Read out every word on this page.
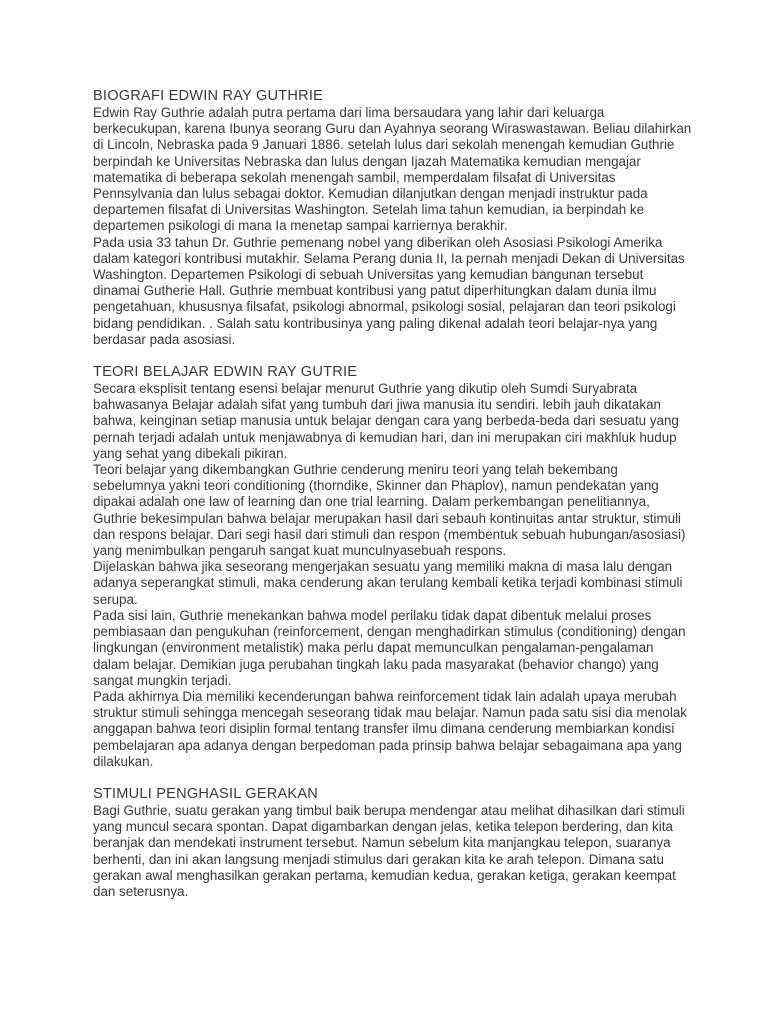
BIOGRAFI EDWIN RAY GUTHRIE

Edwin Ray Guthrie adalah putra pertama dari lima bersaudara yang lahir dari keluarga berkecukupan, karena Ibunya seorang Guru dan Ayahnya seorang Wiraswastawan. Beliau dilahirkan di Lincoln, Nebraska pada 9 Januari 1886. setelah lulus dari sekolah menengah kemudian Guthrie berpindah ke Universitas Nebraska dan lulus dengan Ijazah Matematika kemudian mengajar matematika di beberapa sekolah menengah sambil, memperdalam filsafat di Universitas Pennsylvania dan lulus sebagai doktor. Kemudian dilanjutkan dengan menjadi instruktur pada departemen filsafat di Universitas Washington. Setelah lima tahun kemudian, ia berpindah ke departemen psikologi di mana Ia menetap sampai karriernya berakhir.

Pada usia 33 tahun Dr. Guthrie pemenang nobel yang diberikan oleh Asosiasi Psikologi Amerika dalam kategori kontribusi mutakhir. Selama Perang dunia II, Ia pernah menjadi Dekan di Universitas Washington. Departemen Psikologi di sebuah Universitas yang kemudian bangunan tersebut dinamai Gutherie Hall. Guthrie membuat kontribusi yang patut diperhitungkan dalam dunia ilmu pengetahuan, khususnya filsafat, psikologi abnormal, psikologi sosial, pelajaran dan teori psikologi bidang pendidikan. . Salah satu kontribusinya yang paling dikenal adalah teori belajar-nya yang berdasar pada asosiasi.

TEORI BELAJAR EDWIN RAY GUTRIE

Secara eksplisit tentang esensi belajar menurut Guthrie yang dikutip oleh Sumdi Suryabrata bahwasanya Belajar adalah sifat yang tumbuh dari jiwa manusia itu sendiri. lebih jauh dikatakan bahwa, keinginan setiap manusia untuk belajar dengan cara yang berbeda-beda dari sesuatu yang pernah terjadi adalah untuk menjawabnya di kemudian hari, dan ini merupakan ciri makhluk hudup yang sehat yang dibekali pikiran.

Teori belajar yang dikembangkan Guthrie cenderung meniru teori yang telah bekembang sebelumnya yakni teori conditioning (thorndike, Skinner dan Phaplov), namun pendekatan yang dipakai adalah one law of learning dan one trial learning. Dalam perkembangan penelitiannya, Guthrie bekesimpulan bahwa belajar merupakan hasil dari sebauh kontinuitas antar struktur, stimuli dan respons belajar. Dari segi hasil dari stimuli dan respon (membentuk sebuah hubungan/asosiasi) yang menimbulkan pengaruh sangat kuat munculnyasebuah respons.

Dijelaskan bahwa jika seseorang mengerjakan sesuatu yang memiliki makna di masa lalu dengan adanya seperangkat stimuli, maka cenderung akan terulang kembali ketika terjadi kombinasi stimuli serupa.

Pada sisi lain, Guthrie menekankan bahwa model perilaku tidak dapat dibentuk melalui proses pembiasaan dan pengukuhan (reinforcement, dengan menghadirkan stimulus (conditioning) dengan lingkungan (environment metalistik) maka perlu dapat memunculkan pengalaman-pengalaman dalam belajar. Demikian juga perubahan tingkah laku pada masyarakat (behavior chango) yang sangat mungkin terjadi.

Pada akhirnya Dia memiliki kecenderungan bahwa reinforcement tidak lain adalah upaya merubah struktur stimuli sehingga mencegah seseorang tidak mau belajar. Namun pada satu sisi dia menolak anggapan bahwa teori disiplin formal tentang transfer ilmu dimana cenderung membiarkan kondisi pembelajaran apa adanya dengan berpedoman pada prinsip bahwa belajar sebagaimana apa yang dilakukan.

STIMULI PENGHASIL GERAKAN

Bagi Guthrie, suatu gerakan yang timbul baik berupa mendengar atau melihat dihasilkan dari stimuli yang muncul secara spontan. Dapat digambarkan dengan jelas, ketika telepon berdering, dan kita beranjak dan mendekati instrument tersebut. Namun sebelum kita manjangkau telepon, suaranya berhenti, dan ini akan langsung menjadi stimulus dari gerakan kita ke arah telepon. Dimana satu gerakan awal menghasilkan gerakan pertama, kemudian kedua, gerakan ketiga, gerakan keempat dan seterusnya.
